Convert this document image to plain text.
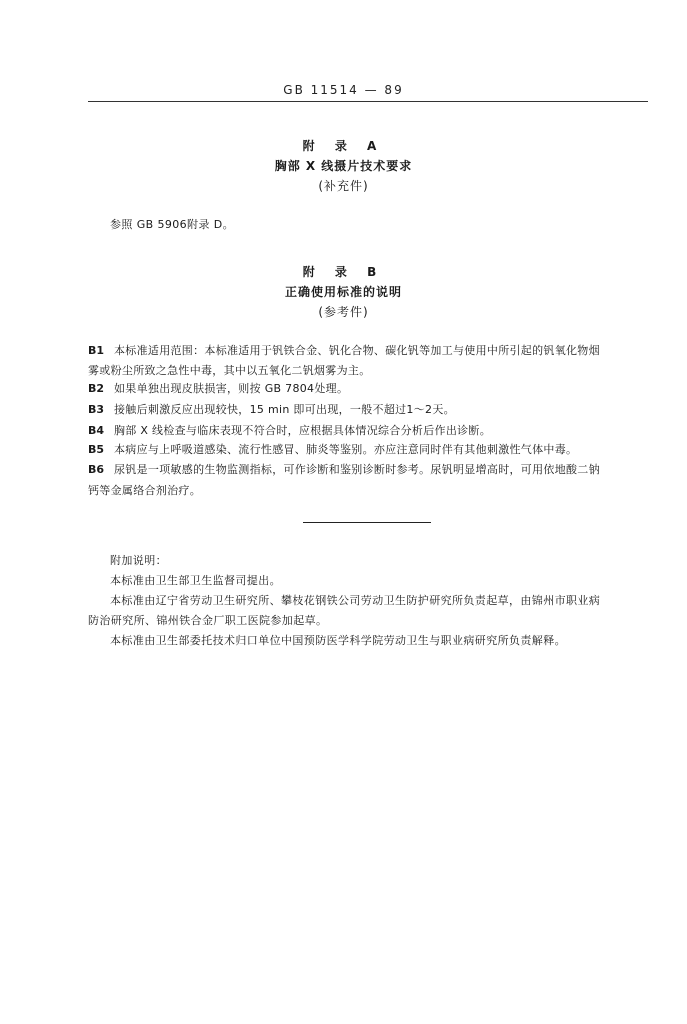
GB 11514 — 89
附 录 A
胸部 X 线摄片技术要求
(补充件)
参照 GB 5906附录 D。
附 录 B
正确使用标准的说明
(参考件)
B1 本标准适用范围：本标准适用于钒铁合金、钒化合物、碳化钒等加工与使用中所引起的钒氧化物烟
雾或粉尘所致之急性中毒，其中以五氧化二钒烟雾为主。
B2 如果单独出现皮肤损害，则按 GB 7804处理。
B3 接触后刺激反应出现较快，15 min 即可出现，一般不超过1～2天。
B4 胸部 X 线检查与临床表现不符合时，应根据具体情况综合分析后作出诊断。
B5 本病应与上呼吸道感染、流行性感冒、肺炎等鉴别。亦应注意同时伴有其他刺激性气体中毒。
B6 尿钒是一项敏感的生物监测指标，可作诊断和鉴别诊断时参考。尿钒明显增高时，可用依地酸二钠
钙等金属络合剂治疗。
附加说明：
本标准由卫生部卫生监督司提出。
本标准由辽宁省劳动卫生研究所、攀枝花钢铁公司劳动卫生防护研究所负责起草，由锦州市职业病
防治研究所、锦州铁合金厂职工医院参加起草。
本标准由卫生部委托技术归口单位中国预防医学科学院劳动卫生与职业病研究所负责解释。
